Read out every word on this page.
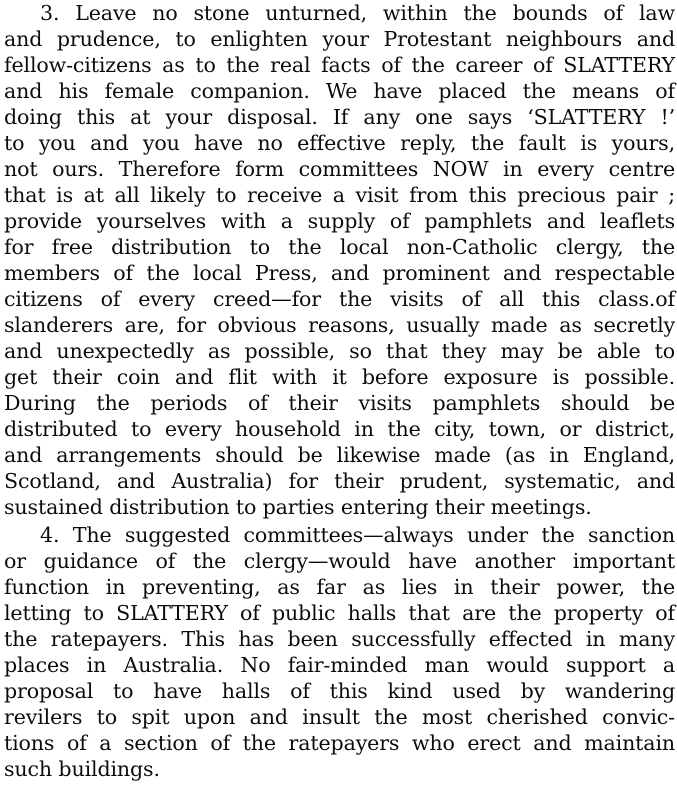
3. Leave no stone unturned, within the bounds of law
and prudence, to enlighten your Protestant neighbours and
fellow-citizens as to the real facts of the career of SLATTERY
and his female companion. We have placed the means of
doing this at your disposal. If any one says ‘SLATTERY !’
to you and you have no effective reply, the fault is yours,
not ours. Therefore form committees NOW in every centre
that is at all likely to receive a visit from this precious pair ;
provide yourselves with a supply of pamphlets and leaflets
for free distribution to the local non-Catholic clergy, the
members of the local Press, and prominent and respectable
citizens of every creed—for the visits of all this class.of
slanderers are, for obvious reasons, usually made as secretly
and unexpectedly as possible, so that they may be able to
get their coin and flit with it before exposure is possible.
During the periods of their visits pamphlets should be
distributed to every household in the city, town, or district,
and arrangements should be likewise made (as in England,
Scotland, and Australia) for their prudent, systematic, and
sustained distribution to parties entering their meetings.
4. The suggested committees—always under the sanction
or guidance of the clergy—would have another important
function in preventing, as far as lies in their power, the
letting to SLATTERY of public halls that are the property of
the ratepayers. This has been successfully effected in many
places in Australia. No fair-minded man would support a
proposal to have halls of this kind used by wandering
revilers to spit upon and insult the most cherished convic-
tions of a section of the ratepayers who erect and maintain
such buildings.
